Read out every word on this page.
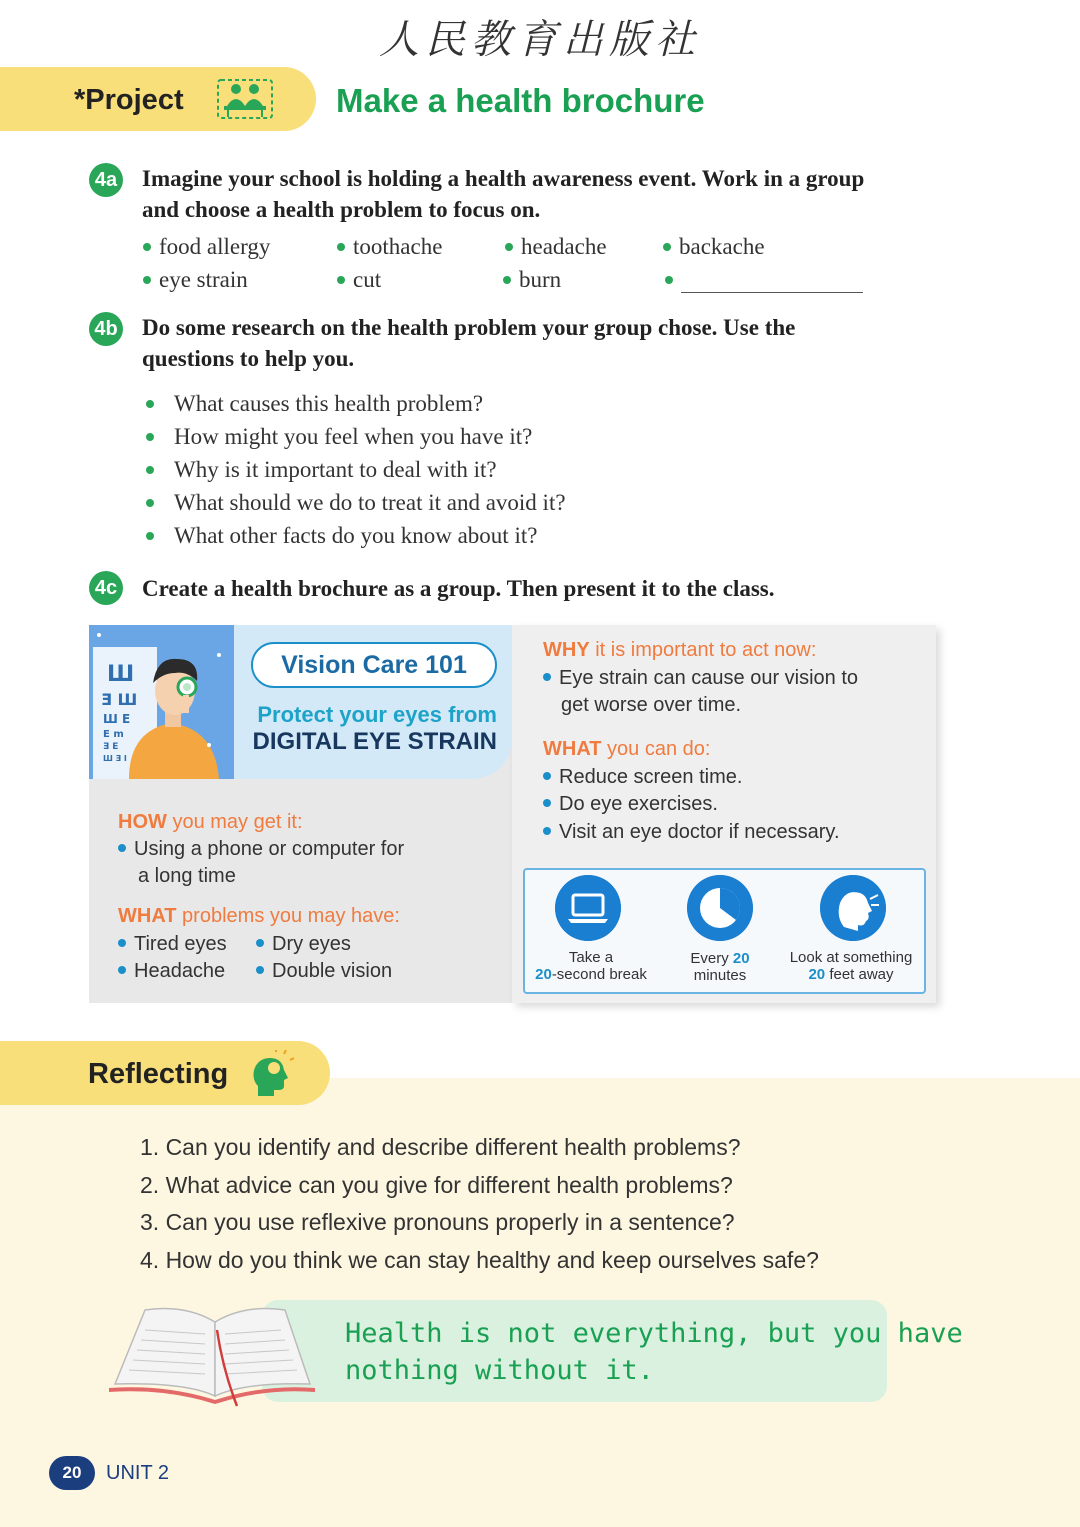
人民教育出版社
*Project	Make a health brochure
4a Imagine your school is holding a health awareness event. Work in a group
and choose a health problem to focus on.
food allergy	toothache	headache	backache
eye strain	cut	burn
4b Do some research on the health problem your group chose. Use the
questions to help you.
What causes this health problem?
How might you feel when you have it?
Why is it important to deal with it?
What should we do to treat it and avoid it?
What other facts do you know about it?
4c Create a health brochure as a group. Then present it to the class.
Ш
Ǝ Ш
Ш E
E m
Ǝ E
Ш Ǝ I
Vision Care 101
Protect your eyes from
DIGITAL EYE STRAIN
HOW you may get it:
Using a phone or computer for
a long time
WHAT problems you may have:
Tired eyes	Dry eyes
Headache	Double vision
WHY it is important to act now:
Eye strain can cause our vision to
get worse over time.
WHAT you can do:
Reduce screen time.
Do eye exercises.
Visit an eye doctor if necessary.
Take a
20-second break
Every 20
minutes
Look at something
20 feet away
Reflecting
1. Can you identify and describe different health problems?
2. What advice can you give for different health problems?
3. Can you use reflexive pronouns properly in a sentence?
4. How do you think we can stay healthy and keep ourselves safe?
Health is not everything, but you have
nothing without it.
20	UNIT 2
